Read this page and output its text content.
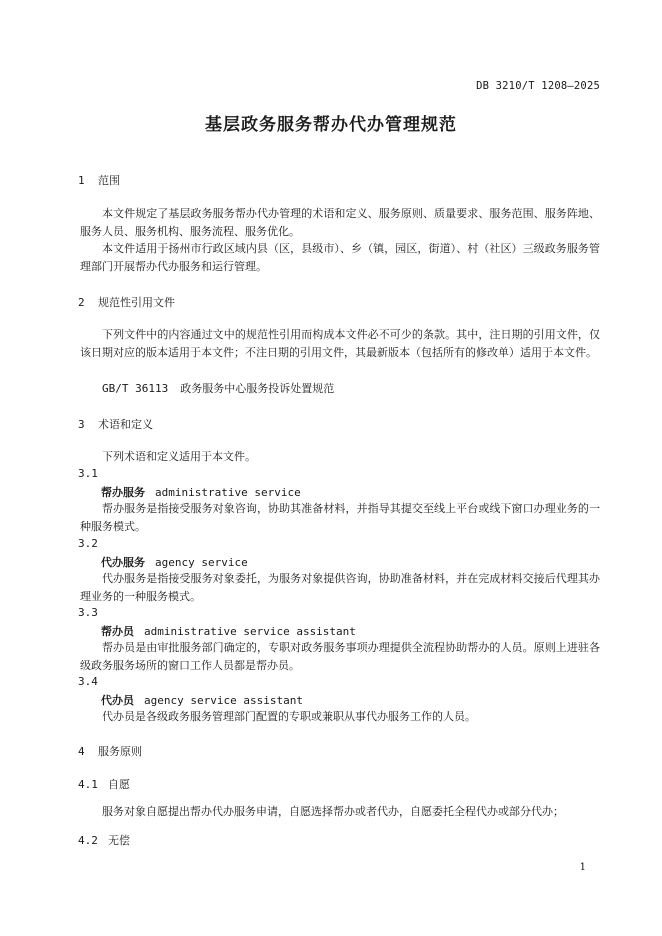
DB 3210/T 1208—2025
基层政务服务帮办代办管理规范
1 范围
本文件规定了基层政务服务帮办代办管理的术语和定义、服务原则、质量要求、服务范围、服务阵地、服务人员、服务机构、服务流程、服务优化。
本文件适用于扬州市行政区域内县（区，县级市）、乡（镇，园区，街道）、村（社区）三级政务服务管理部门开展帮办代办服务和运行管理。
2 规范性引用文件
下列文件中的内容通过文中的规范性引用而构成本文件必不可少的条款。其中，注日期的引用文件，仅该日期对应的版本适用于本文件；不注日期的引用文件，其最新版本（包括所有的修改单）适用于本文件。
GB/T 36113 政务服务中心服务投诉处置规范
3 术语和定义
下列术语和定义适用于本文件。
3.1
帮办服务 administrative service
帮办服务是指接受服务对象咨询，协助其准备材料，并指导其提交至线上平台或线下窗口办理业务的一种服务模式。
3.2
代办服务 agency service
代办服务是指接受服务对象委托，为服务对象提供咨询，协助准备材料，并在完成材料交接后代理其办理业务的一种服务模式。
3.3
帮办员 administrative service assistant
帮办员是由审批服务部门确定的，专职对政务服务事项办理提供全流程协助帮办的人员。原则上进驻各级政务服务场所的窗口工作人员都是帮办员。
3.4
代办员 agency service assistant
代办员是各级政务服务管理部门配置的专职或兼职从事代办服务工作的人员。
4 服务原则
4.1 自愿
服务对象自愿提出帮办代办服务申请，自愿选择帮办或者代办，自愿委托全程代办或部分代办；
4.2 无偿
1
